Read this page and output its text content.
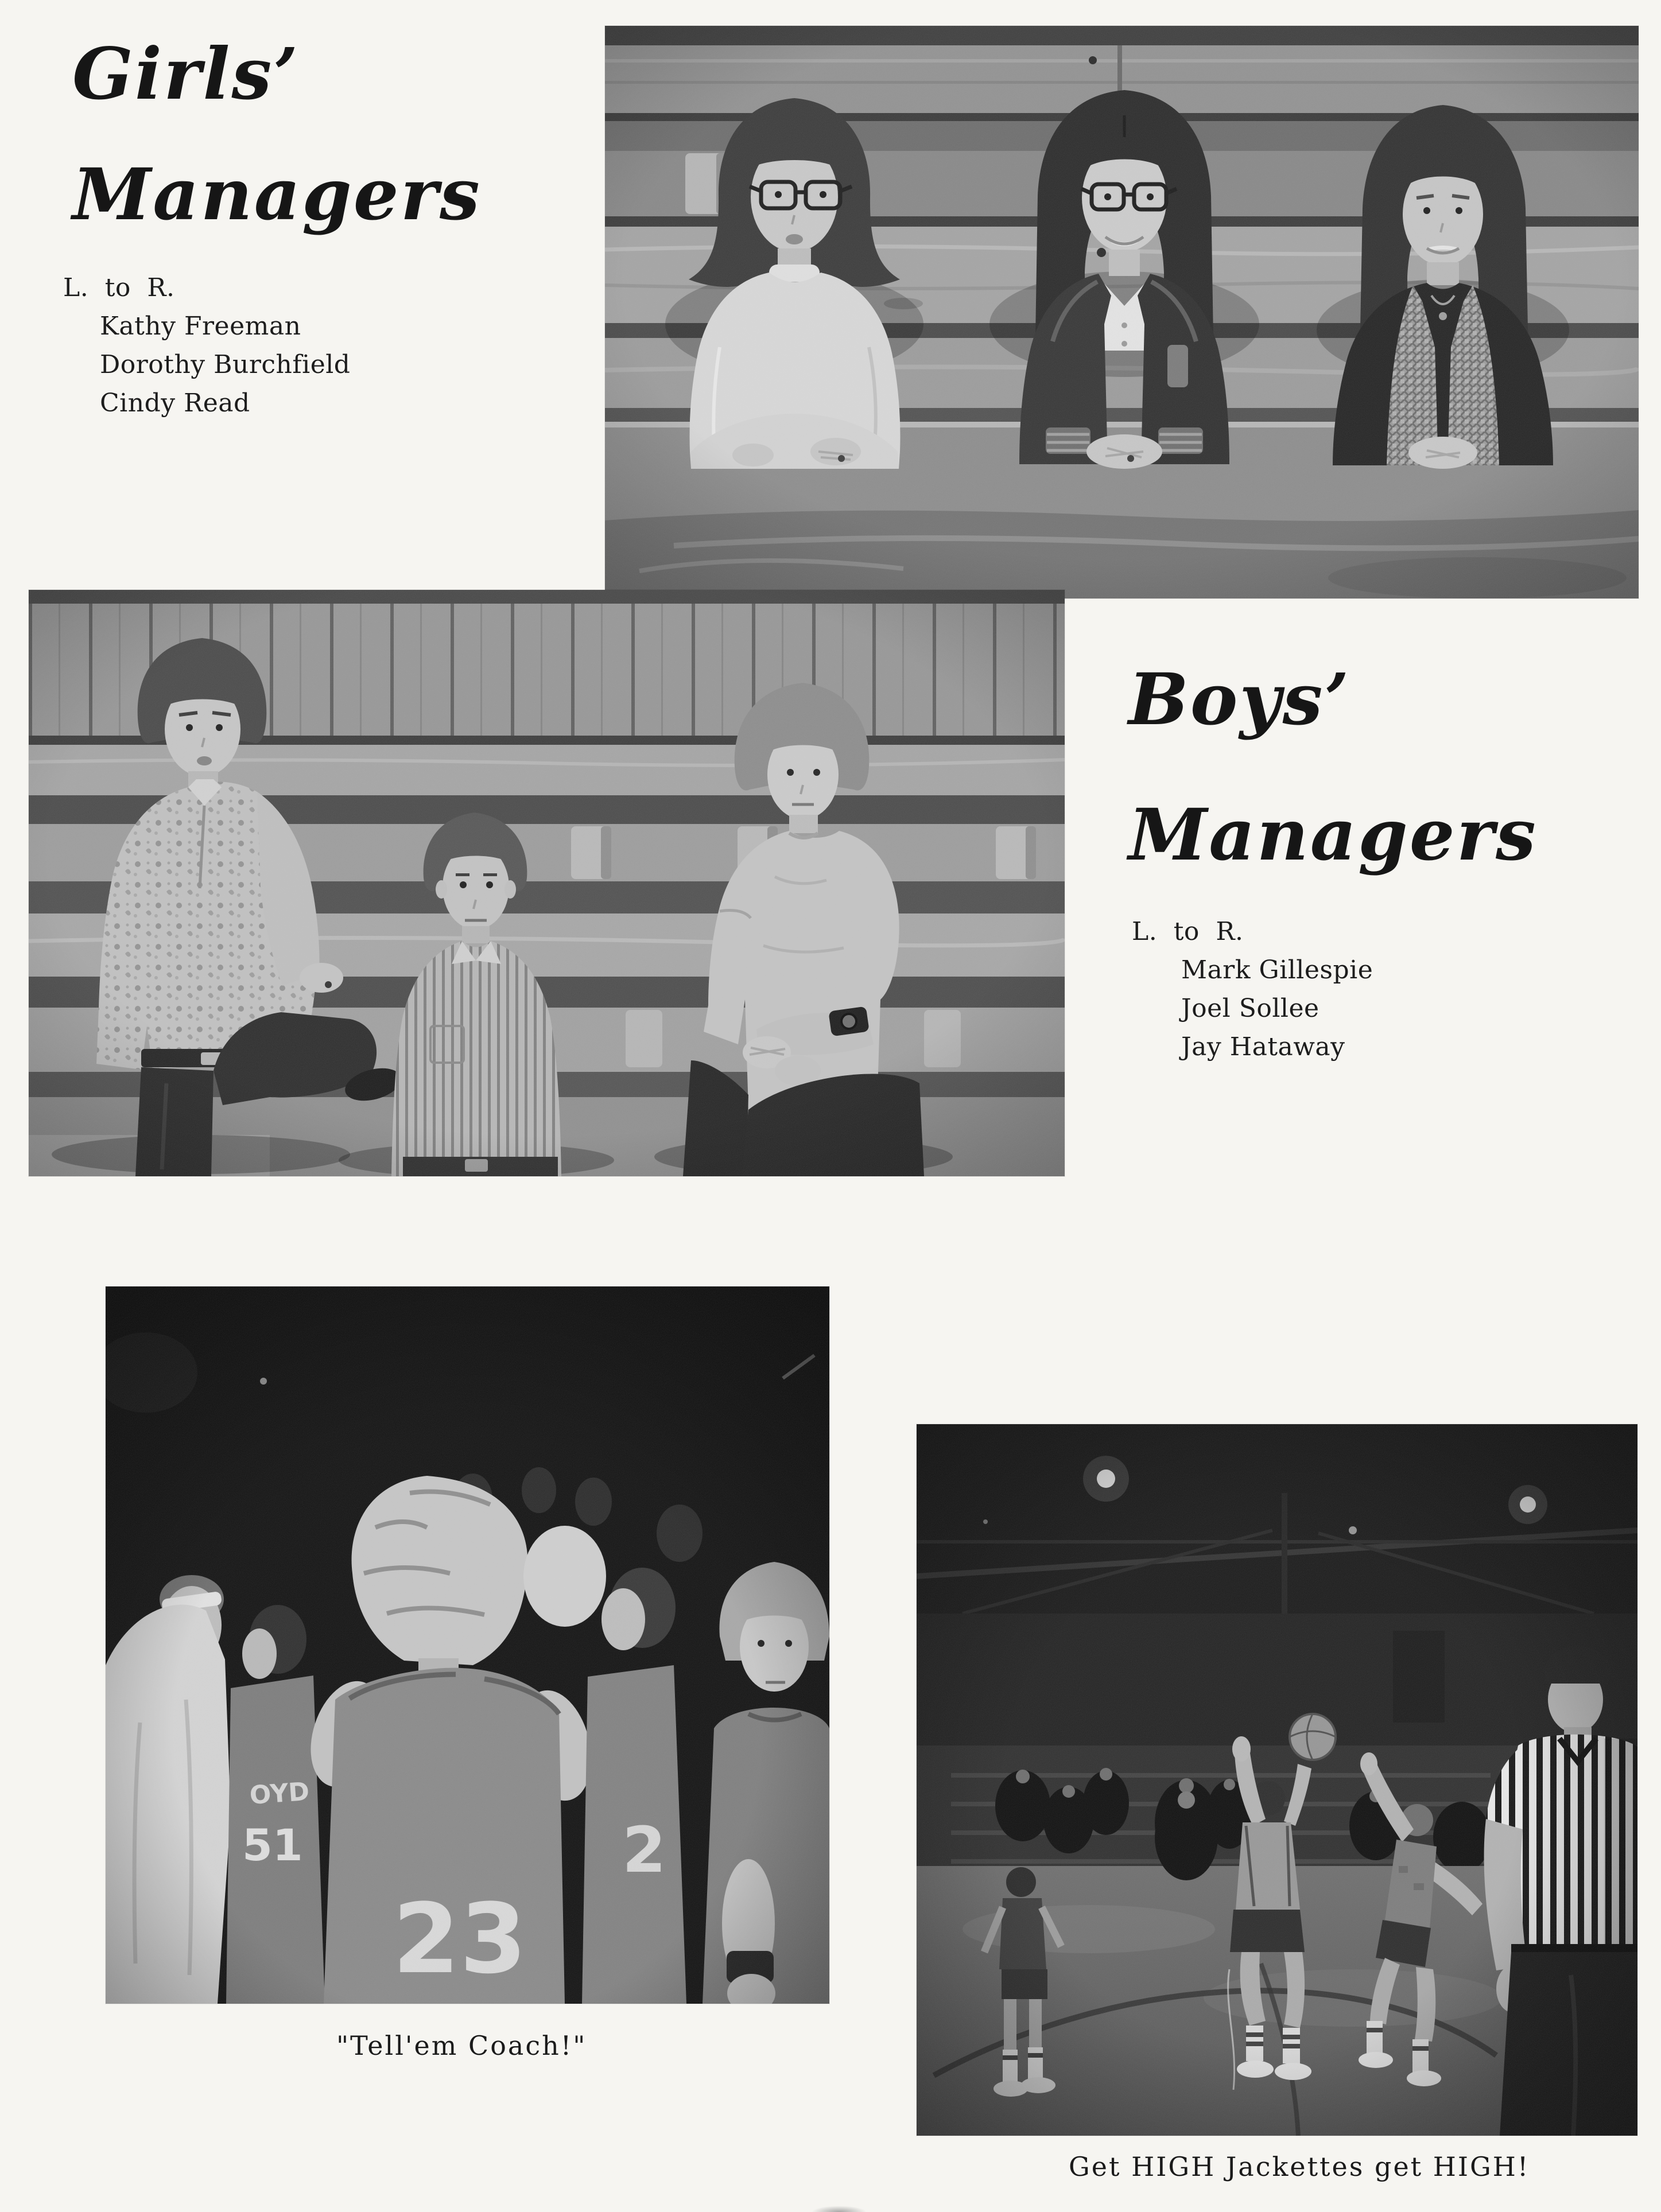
Girls’
Managers
L. to R.
Kathy Freeman
Dorothy Burchfield
Cindy Read
Boys’
Managers
L. to R.
Mark Gillespie
Joel Sollee
Jay Hataway
"Tell'em Coach!"
Get HIGH Jackettes get HIGH!
